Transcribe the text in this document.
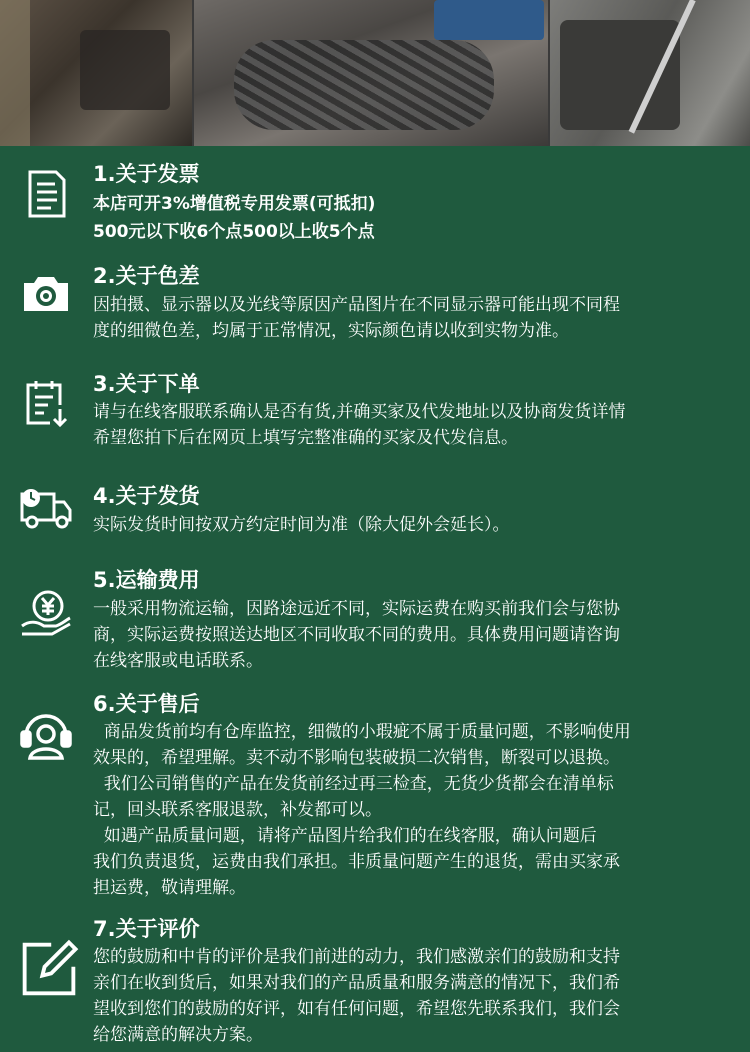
1.关于发票
本店可开3%增值税专用发票(可抵扣)
500元以下收6个点500以上收5个点
2.关于色差
因拍摄、显示器以及光线等原因产品图片在不同显示器可能出现不同程
度的细微色差，均属于正常情况，实际颜色请以收到实物为准。
3.关于下单
请与在线客服联系确认是否有货,并确买家及代发地址以及协商发货详情
希望您拍下后在网页上填写完整准确的买家及代发信息。
4.关于发货
实际发货时间按双方约定时间为准（除大促外会延长）。
5.运输费用
一般采用物流运输，因路途远近不同，实际运费在购买前我们会与您协
商，实际运费按照送达地区不同收取不同的费用。具体费用问题请咨询
在线客服或电话联系。
6.关于售后
商品发货前均有仓库监控，细微的小瑕疵不属于质量问题，不影响使用
效果的，希望理解。卖不动不影响包装破损二次销售，断裂可以退换。
我们公司销售的产品在发货前经过再三检查，无货少货都会在清单标
记，回头联系客服退款，补发都可以。
如遇产品质量问题，请将产品图片给我们的在线客服，确认问题后
我们负责退货，运费由我们承担。非质量问题产生的退货，需由买家承
担运费，敬请理解。
7.关于评价
您的鼓励和中肯的评价是我们前进的动力，我们感激亲们的鼓励和支持
亲们在收到货后，如果对我们的产品质量和服务满意的情况下，我们希
望收到您们的鼓励的好评，如有任何问题，希望您先联系我们，我们会
给您满意的解决方案。
